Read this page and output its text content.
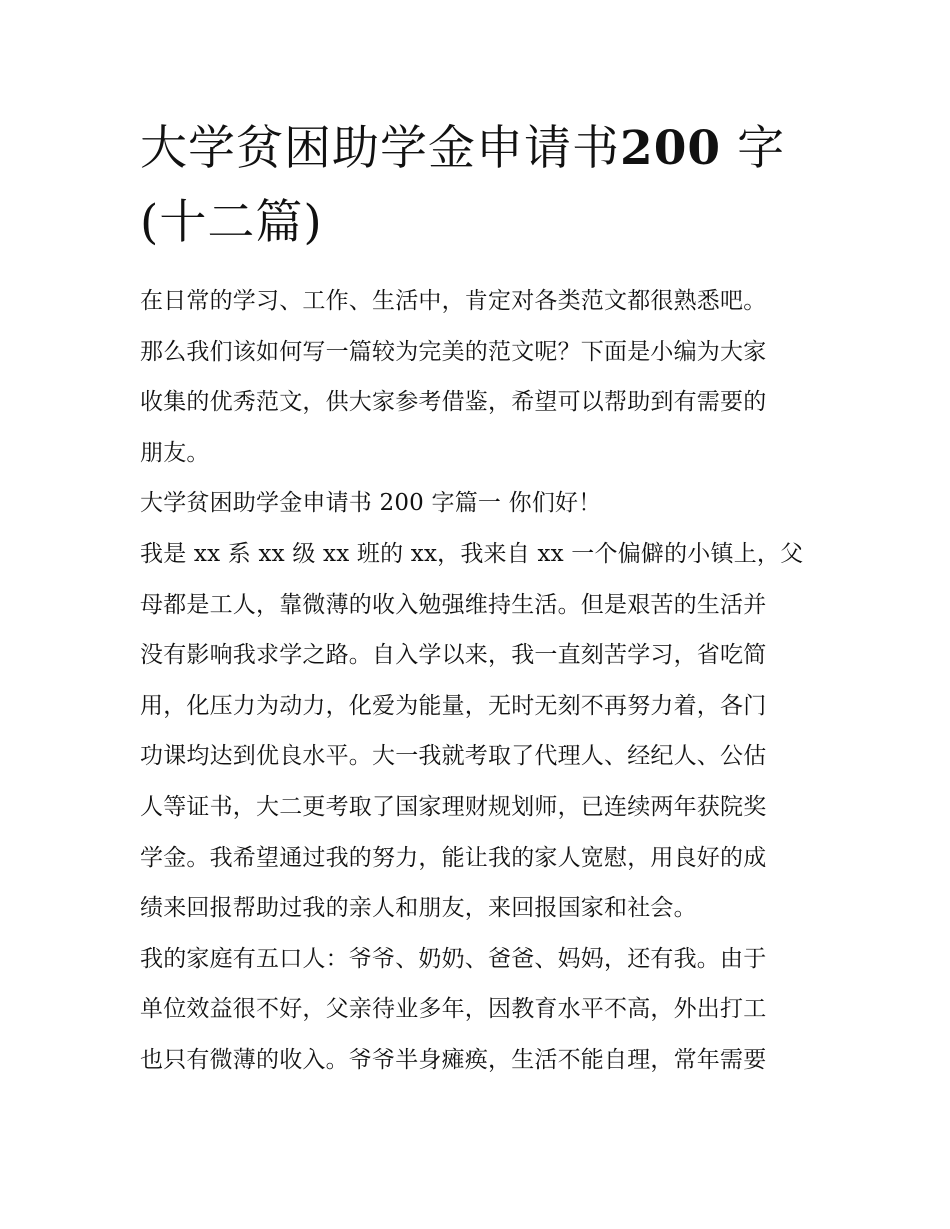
大学贫困助学金申请书200 字
(十二篇)

在日常的学习、工作、生活中，肯定对各类范文都很熟悉吧。
那么我们该如何写一篇较为完美的范文呢？下面是小编为大家
收集的优秀范文，供大家参考借鉴，希望可以帮助到有需要的
朋友。

大学贫困助学金申请书 200 字篇一 你们好！

我是 xx 系 xx 级 xx 班的 xx，我来自 xx 一个偏僻的小镇上，父
母都是工人，靠微薄的收入勉强维持生活。但是艰苦的生活并
没有影响我求学之路。自入学以来，我一直刻苦学习，省吃简
用，化压力为动力，化爱为能量，无时无刻不再努力着，各门
功课均达到优良水平。大一我就考取了代理人、经纪人、公估
人等证书，大二更考取了国家理财规划师，已连续两年获院奖
学金。我希望通过我的努力，能让我的家人宽慰，用良好的成
绩来回报帮助过我的亲人和朋友，来回报国家和社会。

我的家庭有五口人：爷爷、奶奶、爸爸、妈妈，还有我。由于
单位效益很不好，父亲待业多年，因教育水平不高，外出打工
也只有微薄的收入。爷爷半身瘫痪，生活不能自理，常年需要
